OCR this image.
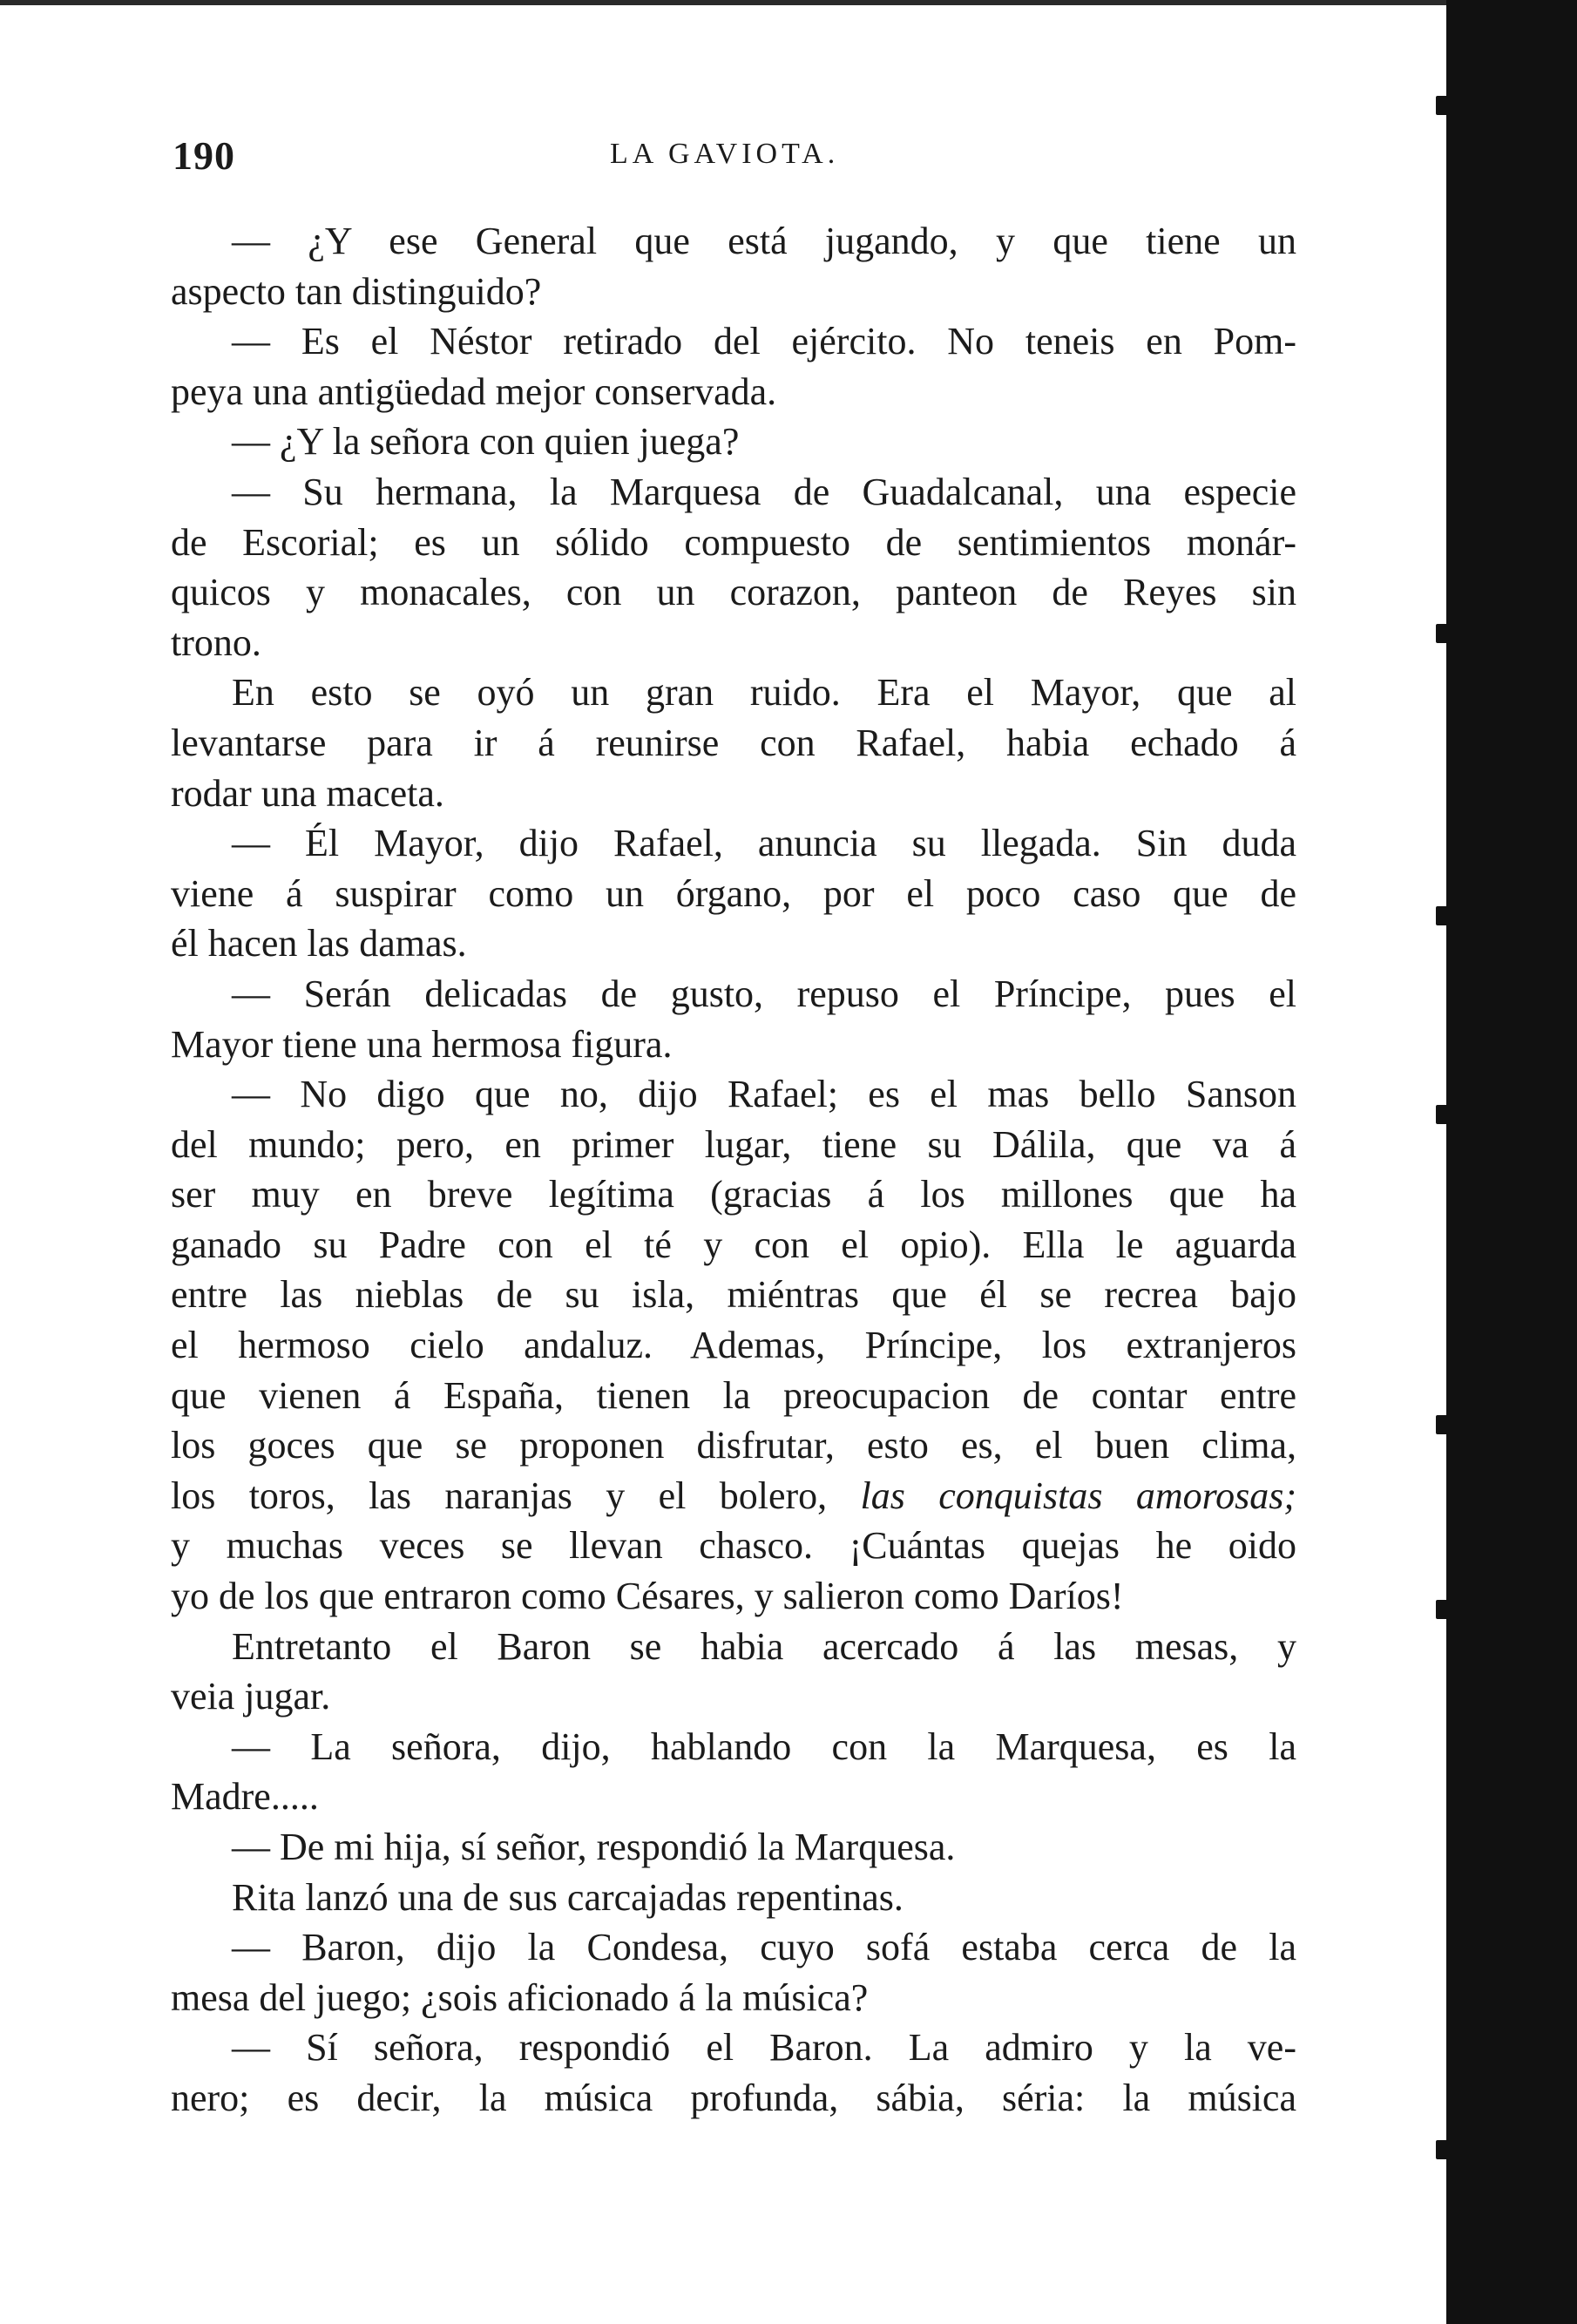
190	LA GAVIOTA.
— ¿Y ese General que está jugando, y que tiene un
aspecto tan distinguido?
— Es el Néstor retirado del ejército. No teneis en Pom-
peya una antigüedad mejor conservada.
— ¿Y la señora con quien juega?
— Su hermana, la Marquesa de Guadalcanal, una especie
de Escorial; es un sólido compuesto de sentimientos monár-
quicos y monacales, con un corazon, panteon de Reyes sin
trono.
En esto se oyó un gran ruido. Era el Mayor, que al
levantarse para ir á reunirse con Rafael, habia echado á
rodar una maceta.
— Él Mayor, dijo Rafael, anuncia su llegada. Sin duda
viene á suspirar como un órgano, por el poco caso que de
él hacen las damas.
— Serán delicadas de gusto, repuso el Príncipe, pues el
Mayor tiene una hermosa figura.
— No digo que no, dijo Rafael; es el mas bello Sanson
del mundo; pero, en primer lugar, tiene su Dálila, que va á
ser muy en breve legítima (gracias á los millones que ha
ganado su Padre con el té y con el opio). Ella le aguarda
entre las nieblas de su isla, miéntras que él se recrea bajo
el hermoso cielo andaluz. Ademas, Príncipe, los extranjeros
que vienen á España, tienen la preocupacion de contar entre
los goces que se proponen disfrutar, esto es, el buen clima,
los toros, las naranjas y el bolero, las conquistas amorosas;
y muchas veces se llevan chasco. ¡Cuántas quejas he oido
yo de los que entraron como Césares, y salieron como Daríos!
Entretanto el Baron se habia acercado á las mesas, y
veia jugar.
— La señora, dijo, hablando con la Marquesa, es la
Madre.....
— De mi hija, sí señor, respondió la Marquesa.
Rita lanzó una de sus carcajadas repentinas.
— Baron, dijo la Condesa, cuyo sofá estaba cerca de la
mesa del juego; ¿sois aficionado á la música?
— Sí señora, respondió el Baron. La admiro y la ve-
nero; es decir, la música profunda, sábia, séria: la música
